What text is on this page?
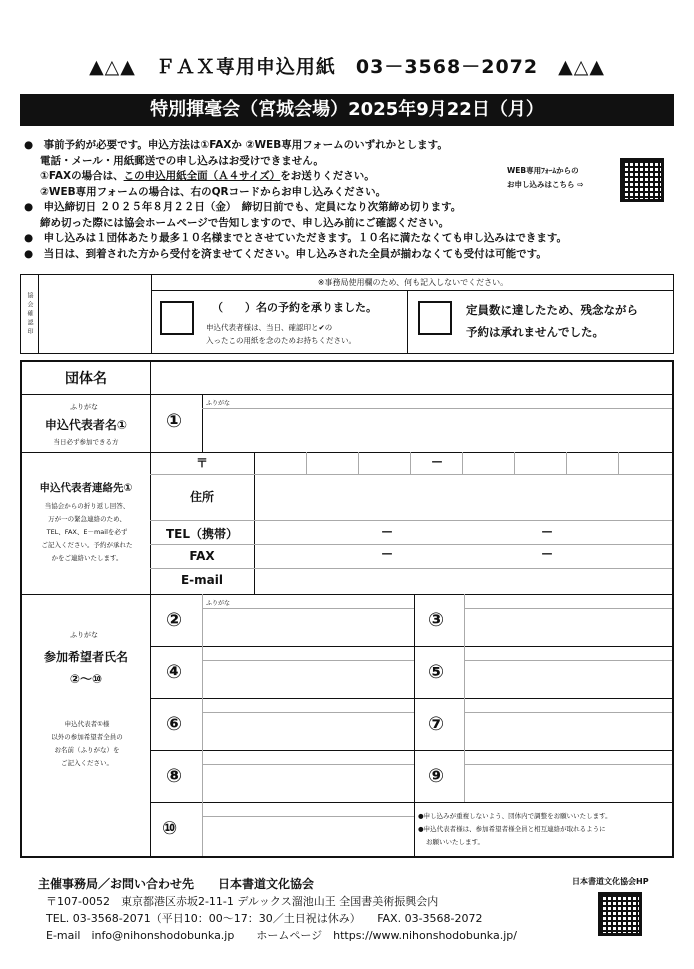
▲△▲　ＦＡＸ専用申込用紙　03－3568－2072　▲△▲
特別揮毫会（宮城会場）2025年9月22日（月）
●　事前予約が必要です。申込方法は①FAXか ②WEB専用フォームのいずれかとします。
電話・メール・用紙郵送での申し込みはお受けできません。
①FAXの場合は、この申込用紙全面（Ａ４サイズ）をお送りください。
②WEB専用フォームの場合は、右のQRコードからお申し込みください。
●　申込締切日 ２０２５年８月２２日（金）　締切日前でも、定員になり次第締め切ります。
締め切った際には協会ホームページで告知しますので、申し込み前にご確認ください。
●　申し込みは１団体あたり最多１０名様までとさせていただきます。１０名に満たなくても申し込みはできます。
●　当日は、到着された方から受付を済ませてください。申し込みされた全員が揃わなくても受付は可能です。
WEB専用ﾌｫｰﾑからの
お申し込みはこちら ⇨
協会確認印
※事務局使用欄のため、何も記入しないでください。
（　　）名の予約を承りました。
申込代表者様は、当日、確認印と✔の
入ったこの用紙を念のためお持ちください。
定員数に達したため、残念ながら
予約は承れませんでした。
団体名
ふりがな
申込代表者名①
当日必ず参加できる方
①
ふりがな
申込代表者連絡先①
当協会からの折り返し回答、
万が一の緊急連絡のため、
TEL、FAX、E－mailを必ず
ご記入ください。予約が承れた
かをご連絡いたします。
〒	—
住所
TEL（携帯）	—	—
FAX	—	—
E-mail
ふりがな
参加希望者氏名
②～⑩
申込代表者①様
以外の参加希望者全員の
お名前（ふりがな）を
ご記入ください。
ふりがな
②	③
④	⑤
⑥	⑦
⑧	⑨
⑩
●申し込みが重複しないよう、団体内で調整をお願いいたします。
●申込代表者様は、参加希望者様全員と相互連絡が取れるように
お願いいたします。
主催事務局／お問い合わせ先　　日本書道文化協会
〒107-0052　東京都港区赤坂2-11-1 デルックス溜池山王 全国書美術振興会内
TEL. 03-3568-2071（平日10：00～17：30／土日祝は休み）　　FAX. 03-3568-2072
E-mail　info@nihonshodobunka.jp　　ホームページ　https://www.nihonshodobunka.jp/
日本書道文化協会HP
